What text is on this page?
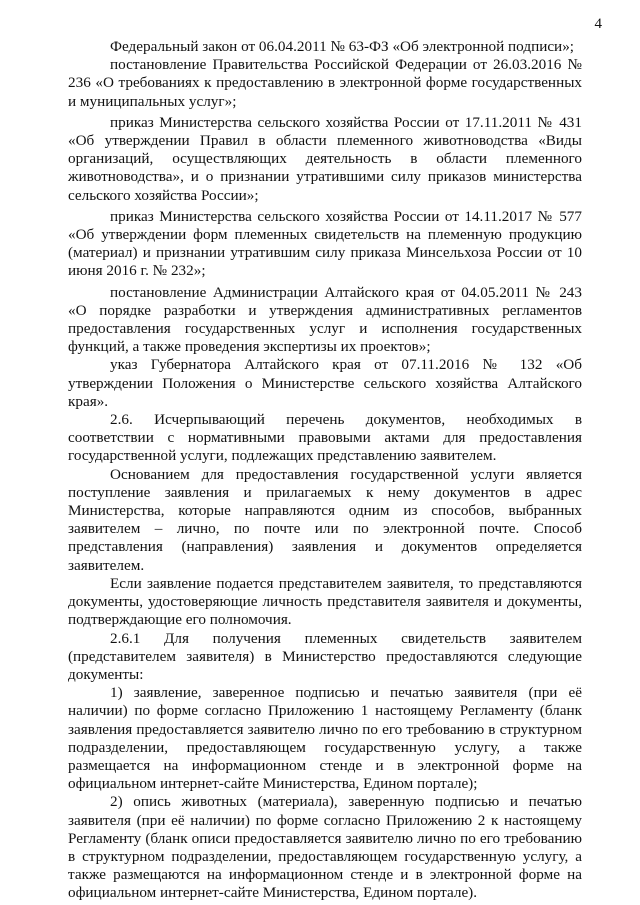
4

Федеральный закон от 06.04.2011 № 63-ФЗ «Об электронной подписи»;

постановление Правительства Российской Федерации от 26.03.2016 № 236 «О требованиях к предоставлению в электронной форме государственных и муниципальных услуг»;

приказ Министерства сельского хозяйства России от 17.11.2011 № 431 «Об утверждении Правил в области племенного животноводства «Виды организаций, осуществляющих деятельность в области племенного животноводства», и о признании утратившими силу приказов министерства сельского хозяйства России»;

приказ Министерства сельского хозяйства России от 14.11.2017 № 577 «Об утверждении форм племенных свидетельств на племенную продукцию (материал) и признании утратившим силу приказа Минсельхоза России от 10 июня 2016 г. № 232»;

постановление Администрации Алтайского края от 04.05.2011 № 243 «О порядке разработки и утверждения административных регламентов предоставления государственных услуг и исполнения государственных функций, а также проведения экспертизы их проектов»;

указ Губернатора Алтайского края от 07.11.2016 № 132 «Об утверждении Положения о Министерстве сельского хозяйства Алтайского края».

2.6. Исчерпывающий перечень документов, необходимых в соответствии с нормативными правовыми актами для предоставления государственной услуги, подлежащих представлению заявителем.

Основанием для предоставления государственной услуги является поступление заявления и прилагаемых к нему документов в адрес Министерства, которые направляются одним из способов, выбранных заявителем – лично, по почте или по электронной почте. Способ представления (направления) заявления и документов определяется заявителем.

Если заявление подается представителем заявителя, то представляются документы, удостоверяющие личность представителя заявителя и документы, подтверждающие его полномочия.

2.6.1 Для получения племенных свидетельств заявителем (представителем заявителя) в Министерство предоставляются следующие документы:

1) заявление, заверенное подписью и печатью заявителя (при её наличии) по форме согласно Приложению 1 настоящему Регламенту (бланк заявления предоставляется заявителю лично по его требованию в структурном подразделении, предоставляющем государственную услугу, а также размещается на информационном стенде и в электронной форме на официальном интернет-сайте Министерства, Едином портале);

2) опись животных (материала), заверенную подписью и печатью заявителя (при её наличии) по форме согласно Приложению 2 к настоящему Регламенту (бланк описи предоставляется заявителю лично по его требованию в структурном подразделении, предоставляющем государственную услугу, а также размещаются на информационном стенде и в электронной форме на официальном интернет-сайте Министерства, Едином портале).
